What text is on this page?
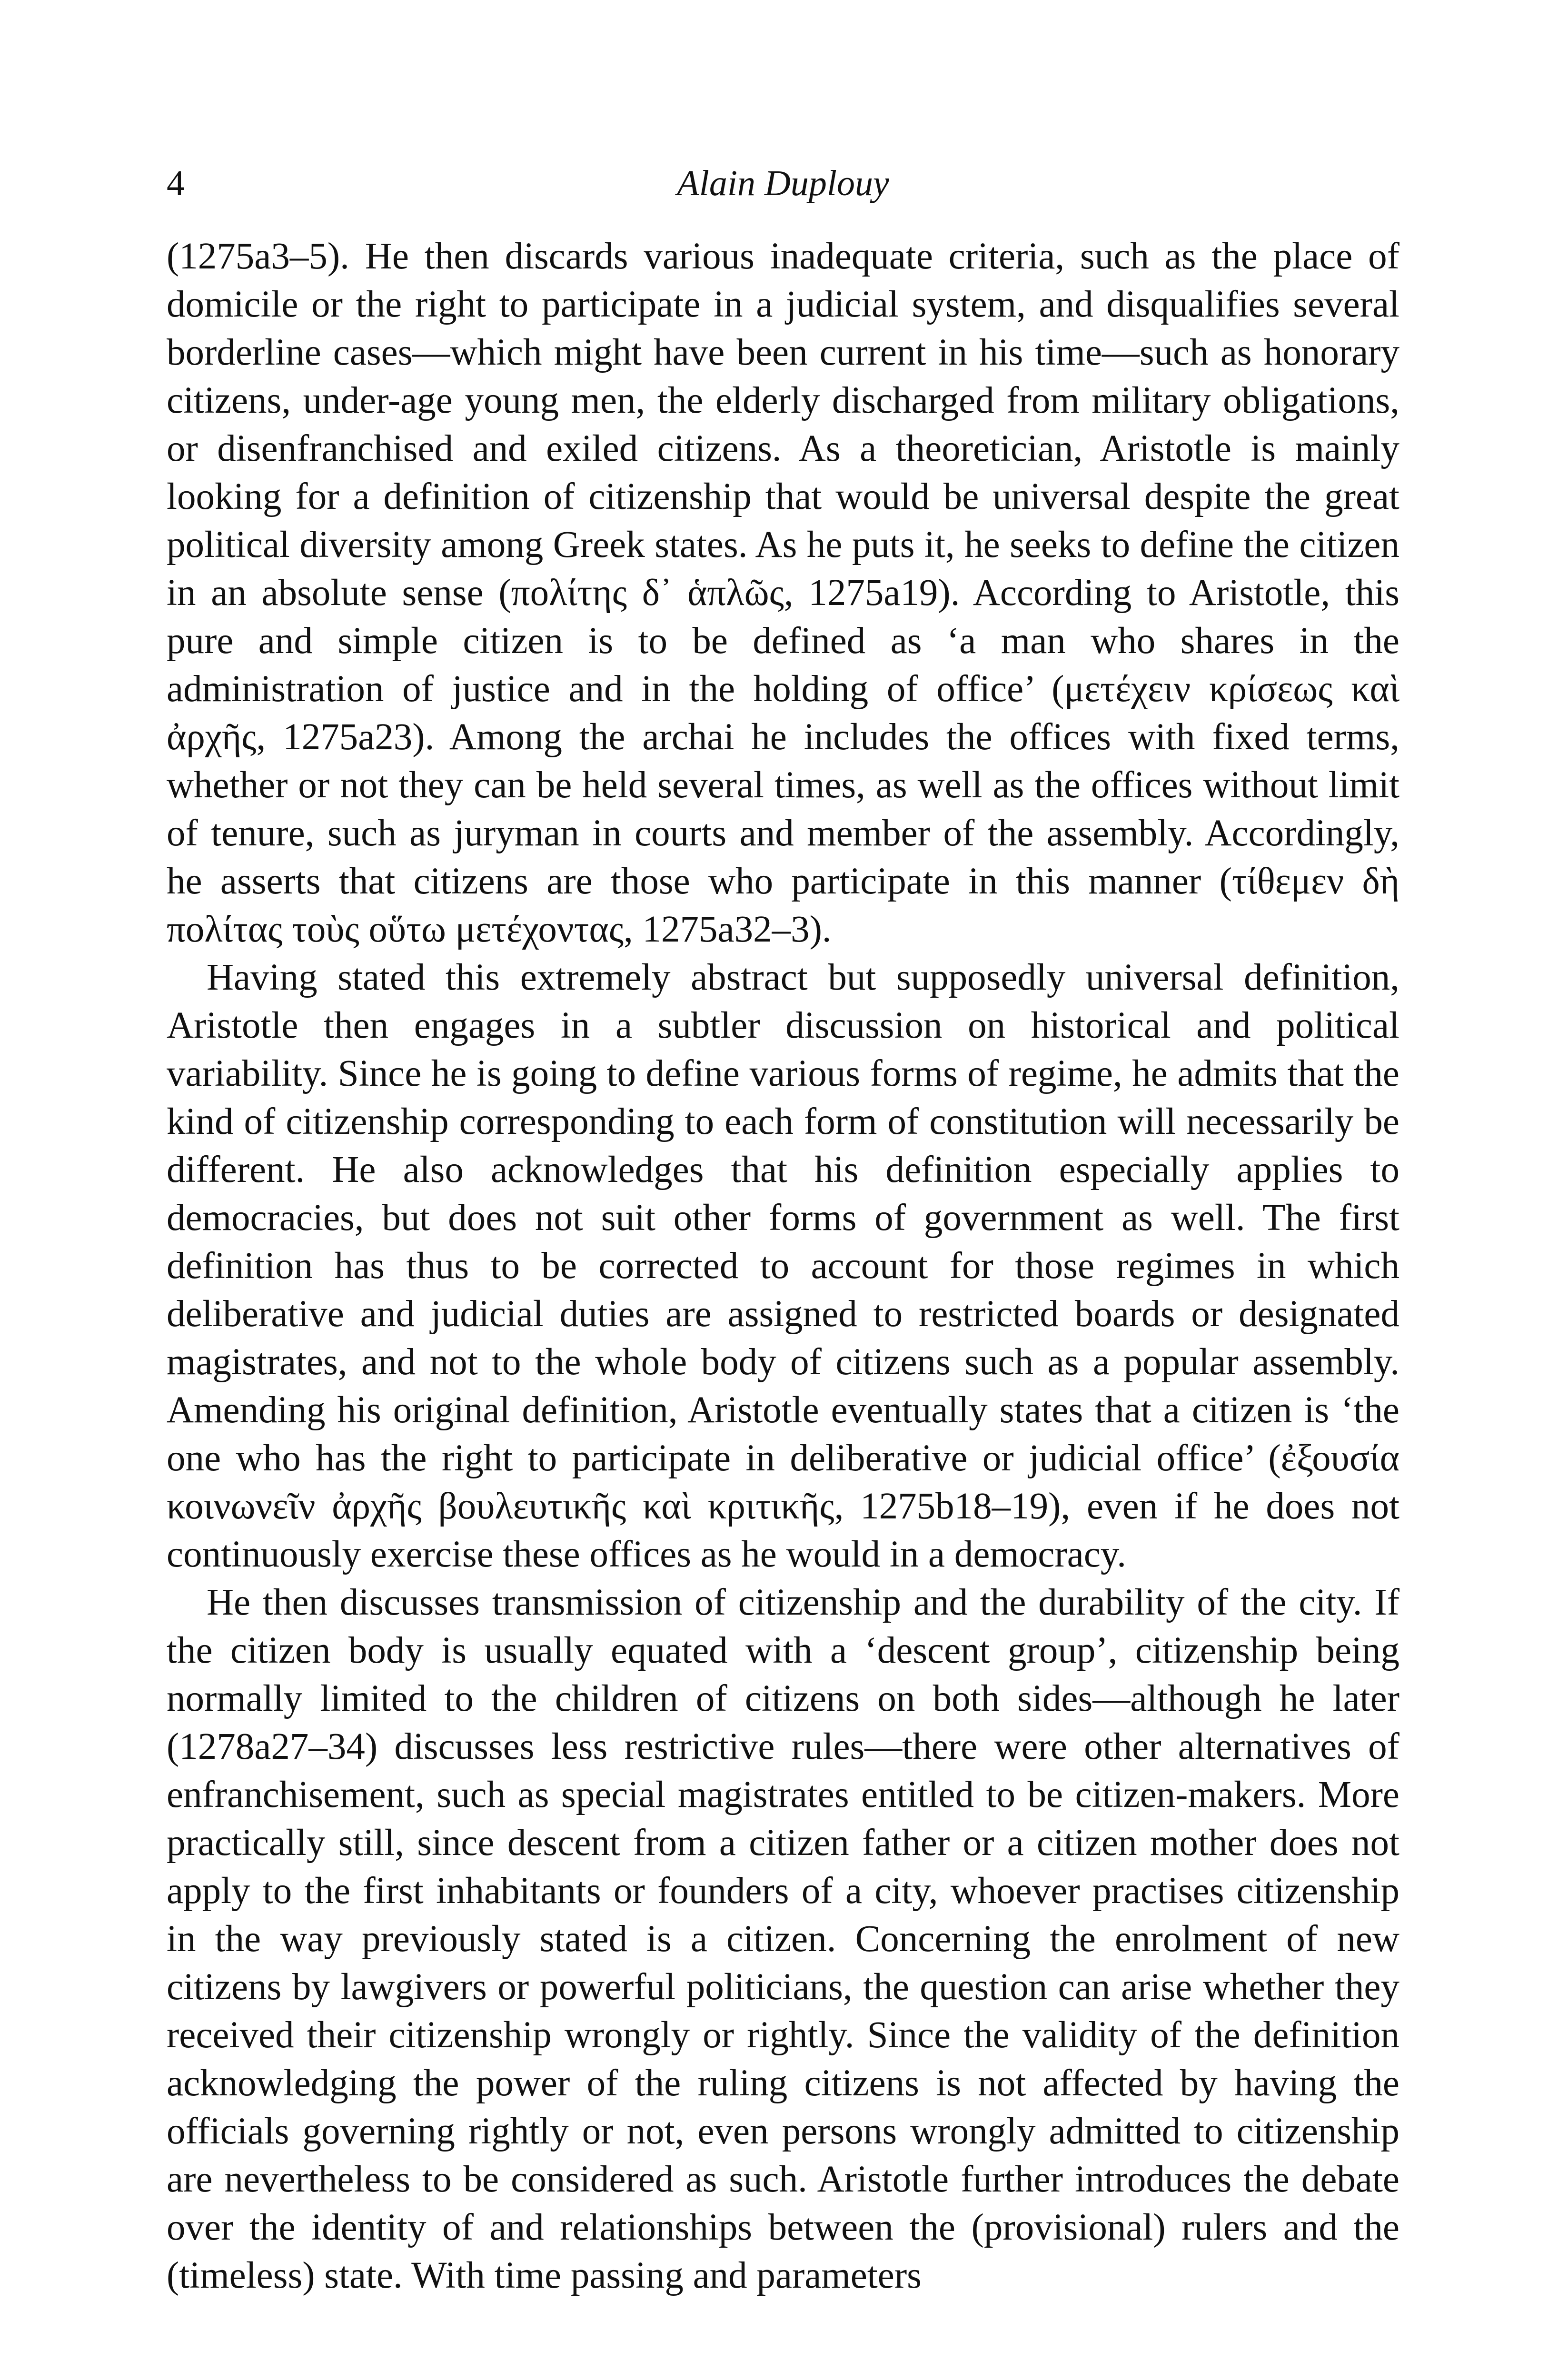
4	Alain Duplouy

(1275a3–5). He then discards various inadequate criteria, such as the place of domicile or the right to participate in a judicial system, and disqualifies several borderline cases—which might have been current in his time—such as honorary citizens, under-age young men, the elderly discharged from military obligations, or disenfranchised and exiled citizens. As a theoretician, Aristotle is mainly looking for a definition of citizenship that would be universal despite the great political diversity among Greek states. As he puts it, he seeks to define the citizen in an absolute sense (πολίτης δ᾽ ἁπλῶς, 1275a19). According to Aristotle, this pure and simple citizen is to be defined as ‘a man who shares in the administration of justice and in the holding of office’ (μετέχειν κρίσεως καὶ ἀρχῆς, 1275a23). Among the archai he includes the offices with fixed terms, whether or not they can be held several times, as well as the offices without limit of tenure, such as juryman in courts and member of the assembly. Accordingly, he asserts that citizens are those who participate in this manner (τίθεμεν δὴ πολίτας τοὺς οὕτω μετέχοντας, 1275a32–3).

Having stated this extremely abstract but supposedly universal definition, Aristotle then engages in a subtler discussion on historical and political variability. Since he is going to define various forms of regime, he admits that the kind of citizenship corresponding to each form of constitution will necessarily be different. He also acknowledges that his definition especially applies to democracies, but does not suit other forms of government as well. The first definition has thus to be corrected to account for those regimes in which deliberative and judicial duties are assigned to restricted boards or designated magistrates, and not to the whole body of citizens such as a popular assembly. Amending his original definition, Aristotle eventually states that a citizen is ‘the one who has the right to participate in deliberative or judicial office’ (ἐξουσία κοινωνεῖν ἀρχῆς βουλευτικῆς καὶ κριτικῆς, 1275b18–19), even if he does not continuously exercise these offices as he would in a democracy.

He then discusses transmission of citizenship and the durability of the city. If the citizen body is usually equated with a ‘descent group’, citizenship being normally limited to the children of citizens on both sides—although he later (1278a27–34) discusses less restrictive rules—there were other alternatives of enfranchisement, such as special magistrates entitled to be citizen-makers. More practically still, since descent from a citizen father or a citizen mother does not apply to the first inhabitants or founders of a city, whoever practises citizenship in the way previously stated is a citizen. Concerning the enrolment of new citizens by lawgivers or powerful politicians, the question can arise whether they received their citizenship wrongly or rightly. Since the validity of the definition acknowledging the power of the ruling citizens is not affected by having the officials governing rightly or not, even persons wrongly admitted to citizenship are nevertheless to be considered as such. Aristotle further introduces the debate over the identity of and relationships between the (provisional) rulers and the (timeless) state. With time passing and parameters
